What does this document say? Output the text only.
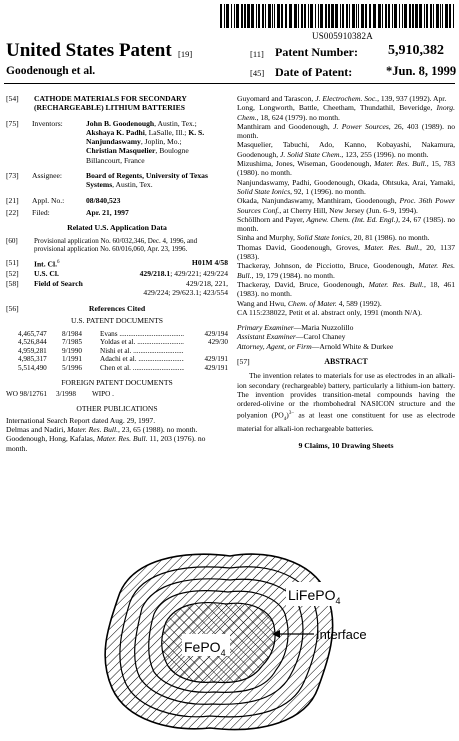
US005910382A
United States Patent [19]	[11] Patent Number: 5,910,382
Goodenough et al.	[45] Date of Patent:	*Jun. 8, 1999
[54] CATHODE MATERIALS FOR SECONDARY
(RECHARGEABLE) LITHIUM BATTERIES
[75] Inventors:	John B. Goodenough, Austin, Tex.;
Akshaya K. Padhi, LaSalle, Ill.; K. S.
Nanjundaswamy, Joplin, Mo.;
Christian Masquelier, Boulogne
Billancourt, France
[73] Assignee:	Board of Regents, University of Texas
Systems, Austin, Tex.
[21] Appl. No.:	08/840,523
[22] Filed:	Apr. 21, 1997
Related U.S. Application Data
[60] Provisional application No. 60/032,346, Dec. 4, 1996, and
provisional application No. 60/016,060, Apr. 23, 1996.
[51] Int. Cl.$^6$	H01M 4/58
[52] U.S. Cl.	429/218.1; 429/221; 429/224
[58] Field of Search	429/218, 221,
429/224; 29/623.1; 423/554
[56]	References Cited
U.S. PATENT DOCUMENTS
4,465,747	8/1984	Evans .....	429/194
4,526,844	7/1985	Yoldas et al. .....	429/30
4,959,281	9/1990	Nishi et al. .....
4,985,317	1/1991	Adachi et al. .....	429/191
5,514,490	5/1996	Chen et al. .....	429/191
FOREIGN PATENT DOCUMENTS
WO 98/12761	3/1998	WIPO .
OTHER PUBLICATIONS
International Search Report dated Aug. 29, 1997.
Delmas and Nadiri, Mater. Res. Bull., 23, 65 (1988). no month.
Goodenough, Hong, Kafalas, Mater. Res. Bull. 11, 203 (1976). no month.
Guyomard and Tarascon, J. Electrochem. Soc., 139, 937 (1992). Apr.
Long, Longworth, Battle, Cheetham, Thundathil, Beveridge, Inorg. Chem., 18, 624 (1979). no month.
Manthiram and Goodenough, J. Power Sources, 26, 403 (1989). no month.
Masquelier, Tabuchi, Ado, Kanno, Kobayashi, Nakamura, Goodenough, J. Solid State Chem., 123, 255 (1996). no month.
Mizushima, Jones, Wiseman, Goodenough, Mater. Res. Bull., 15, 783 (1980). no month.
Nanjundaswamy, Padhi, Goodenough, Okada, Ohtsuka, Arai, Yamaki, Solid State Ionics, 92, 1 (1996). no month.
Okada, Nanjundaswamy, Manthiram, Goodenough, Proc. 36th Power Sources Conf., at Cherry Hill, New Jersey (Jun. 6–9, 1994).
Schöllhorn and Payer, Agnew. Chem. (Int. Ed. Engl.), 24, 67 (1985). no month.
Sinha and Murphy, Solid State Ionics, 20, 81 (1986). no month.
Thomas David, Goodenough, Groves, Mater. Res. Bull., 20, 1137 (1983).
Thackeray, Johnson, de Picciotto, Bruce, Goodenough, Mater. Res. Bull., 19, 179 (1984). no month.
Thackeray, David, Bruce, Goodenough, Mater. Res. Bull., 18, 461 (1983). no month.
Wang and Hwu, Chem. of Mater. 4, 589 (1992).
CA 115:238022, Petit et al. abstract only, 1991 (month N/A).
Primary Examiner—Maria Nuzzolillo
Assistant Examiner—Carol Chaney
Attorney, Agent, or Firm—Arnold White & Durkee
[57]	ABSTRACT
The invention relates to materials for use as electrodes in an alkali-ion secondary (rechargeable) battery, particularly a lithium-ion battery. The invention provides transition-metal compounds having the ordered-olivine or the rhombohedral NASICON structure and the polyanion $(PO_4)^{3-}$ as at least one constituent for use as electrode material for alkali-ion rechargeable batteries.
9 Claims, 10 Drawing Sheets
FePO$_4$
LiFePO$_4$
Interface
